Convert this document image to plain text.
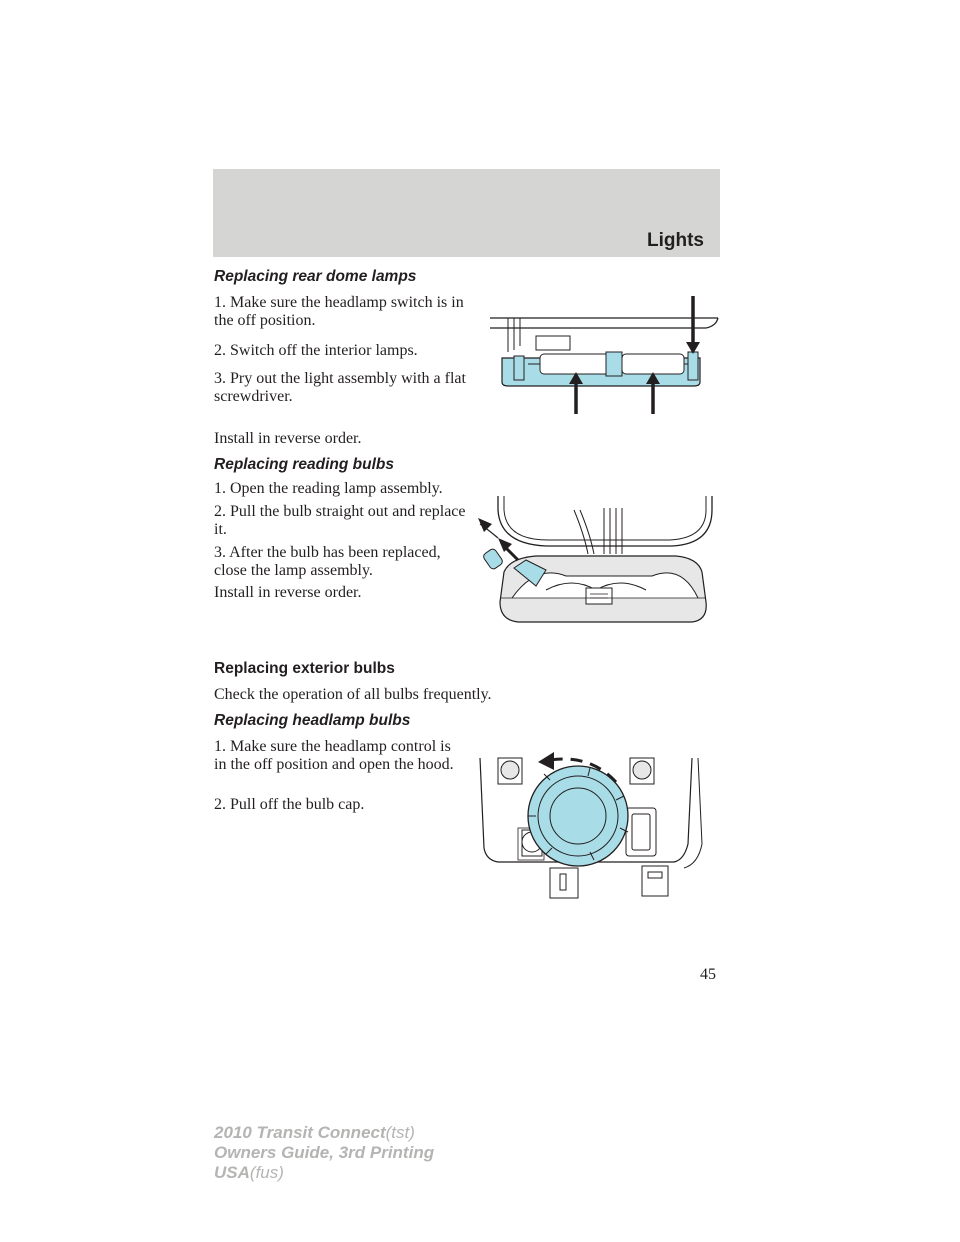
Lights
Replacing rear dome lamps

1. Make sure the headlamp switch is in the off position.

2. Switch off the interior lamps.

3. Pry out the light assembly with a flat screwdriver.

Install in reverse order.

Replacing reading bulbs

1. Open the reading lamp assembly.

2. Pull the bulb straight out and replace it.

3. After the bulb has been replaced, close the lamp assembly.

Install in reverse order.

Replacing exterior bulbs

Check the operation of all bulbs frequently.

Replacing headlamp bulbs

1. Make sure the headlamp control is in the off position and open the hood.

2. Pull off the bulb cap.

45
2010 Transit Connect(tst)
Owners Guide, 3rd Printing
USA(fus)
